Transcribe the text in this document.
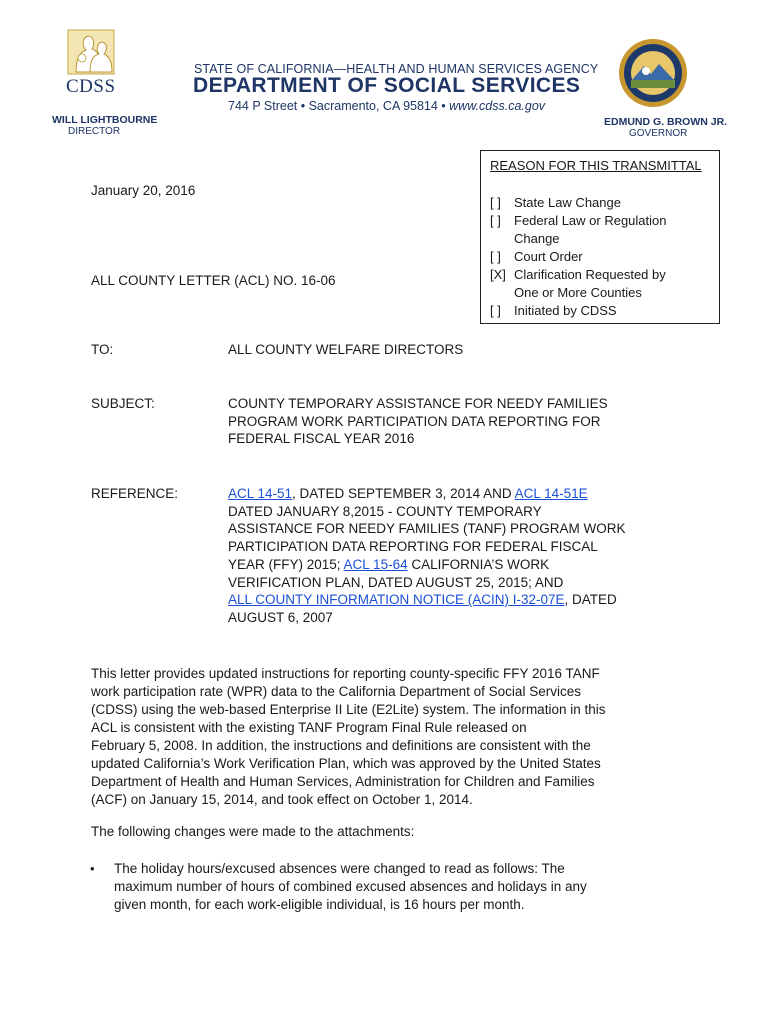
CDSS
STATE OF CALIFORNIA—HEALTH AND HUMAN SERVICES AGENCY
DEPARTMENT OF SOCIAL SERVICES
744 P Street • Sacramento, CA 95814 • www.cdss.ca.gov
WILL LIGHTBOURNE
DIRECTOR
EDMUND G. BROWN JR.
GOVERNOR
REASON FOR THIS TRANSMITTAL
[ ] State Law Change
[ ] Federal Law or Regulation Change
[ ] Court Order
[X] Clarification Requested by One or More Counties
[ ] Initiated by CDSS
January 20, 2016
ALL COUNTY LETTER (ACL) NO. 16-06
TO:	ALL COUNTY WELFARE DIRECTORS
SUBJECT:	COUNTY TEMPORARY ASSISTANCE FOR NEEDY FAMILIES
PROGRAM WORK PARTICIPATION DATA REPORTING FOR
FEDERAL FISCAL YEAR 2016
REFERENCE:	ACL 14-51, DATED SEPTEMBER 3, 2014 AND ACL 14-51E
DATED JANUARY 8,2015 - COUNTY TEMPORARY
ASSISTANCE FOR NEEDY FAMILIES (TANF) PROGRAM WORK
PARTICIPATION DATA REPORTING FOR FEDERAL FISCAL
YEAR (FFY) 2015; ACL 15-64 CALIFORNIA’S WORK
VERIFICATION PLAN, DATED AUGUST 25, 2015; AND
ALL COUNTY INFORMATION NOTICE (ACIN) I-32-07E, DATED
AUGUST 6, 2007
This letter provides updated instructions for reporting county-specific FFY 2016 TANF
work participation rate (WPR) data to the California Department of Social Services
(CDSS) using the web-based Enterprise II Lite (E2Lite) system. The information in this
ACL is consistent with the existing TANF Program Final Rule released on
February 5, 2008. In addition, the instructions and definitions are consistent with the
updated California’s Work Verification Plan, which was approved by the United States
Department of Health and Human Services, Administration for Children and Families
(ACF) on January 15, 2014, and took effect on October 1, 2014.
The following changes were made to the attachments:
• The holiday hours/excused absences were changed to read as follows: The
maximum number of hours of combined excused absences and holidays in any
given month, for each work-eligible individual, is 16 hours per month.
